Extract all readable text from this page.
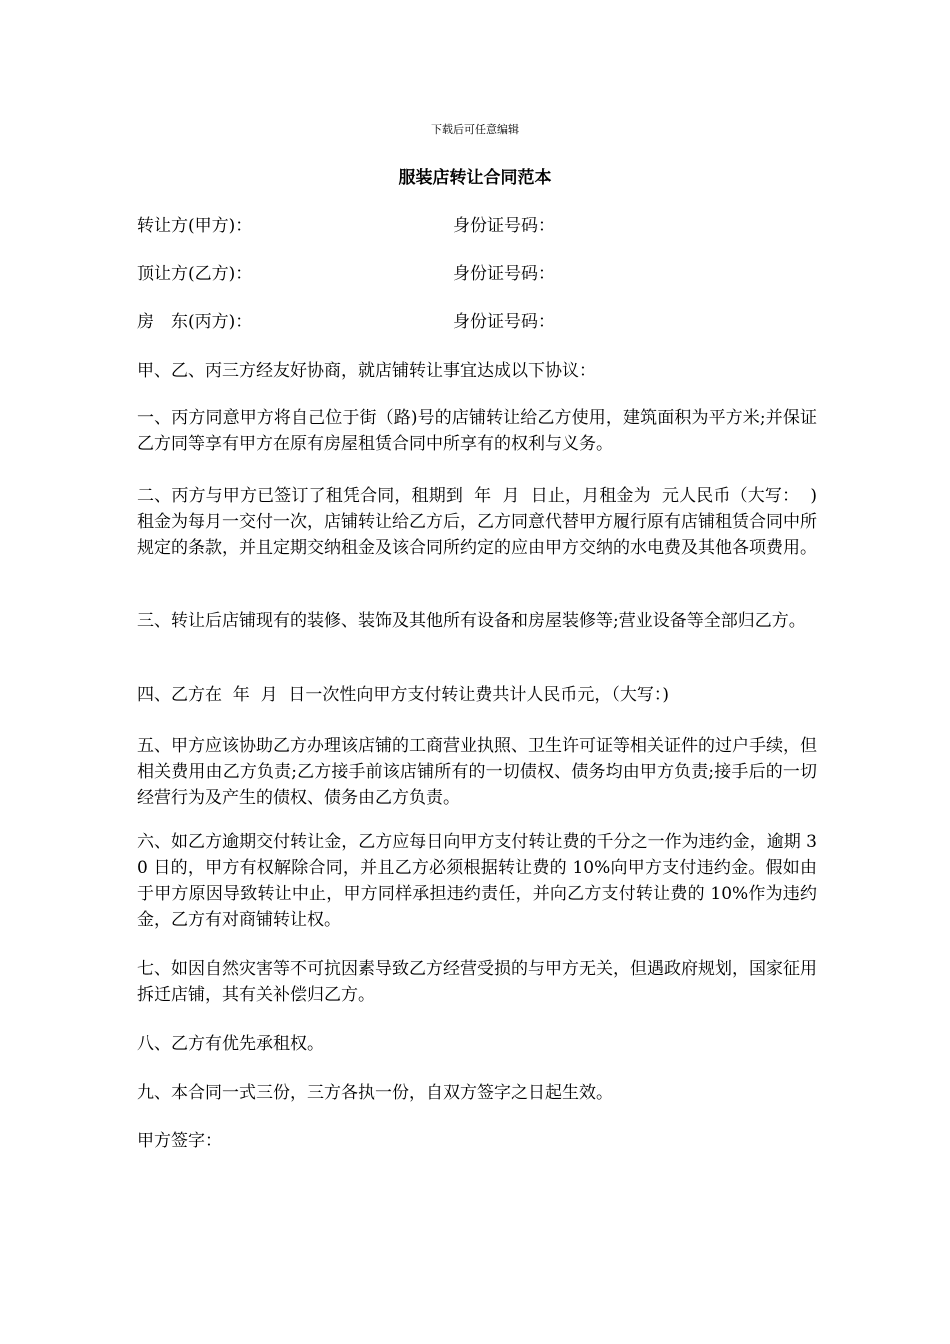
下载后可任意编辑
服装店转让合同范本
转让方(甲方)：	身份证号码：
顶让方(乙方)：	身份证号码：
房　东(丙方)：	身份证号码：
甲、乙、丙三方经友好协商，就店铺转让事宜达成以下协议：
一、丙方同意甲方将自己位于街（路)号的店铺转让给乙方使用，建筑面积为平方米;并保证乙方同等享有甲方在原有房屋租赁合同中所享有的权利与义务。
二、丙方与甲方已签订了租凭合同，租期到  年  月  日止，月租金为  元人民币（大写：  )租金为每月一交付一次，店铺转让给乙方后，乙方同意代替甲方履行原有店铺租赁合同中所规定的条款，并且定期交纳租金及该合同所约定的应由甲方交纳的水电费及其他各项费用。
三、转让后店铺现有的装修、装饰及其他所有设备和房屋装修等;营业设备等全部归乙方。
四、乙方在  年  月  日一次性向甲方支付转让费共计人民币元，（大写：)
五、甲方应该协助乙方办理该店铺的工商营业执照、卫生许可证等相关证件的过户手续，但相关费用由乙方负责;乙方接手前该店铺所有的一切债权、债务均由甲方负责;接手后的一切经营行为及产生的债权、债务由乙方负责。
六、如乙方逾期交付转让金，乙方应每日向甲方支付转让费的千分之一作为违约金，逾期 30 日的，甲方有权解除合同，并且乙方必须根据转让费的 10%向甲方支付违约金。假如由于甲方原因导致转让中止，甲方同样承担违约责任，并向乙方支付转让费的 10%作为违约金，乙方有对商铺转让权。
七、如因自然灾害等不可抗因素导致乙方经营受损的与甲方无关，但遇政府规划，国家征用拆迁店铺，其有关补偿归乙方。
八、乙方有优先承租权。
九、本合同一式三份，三方各执一份，自双方签字之日起生效。
甲方签字：
